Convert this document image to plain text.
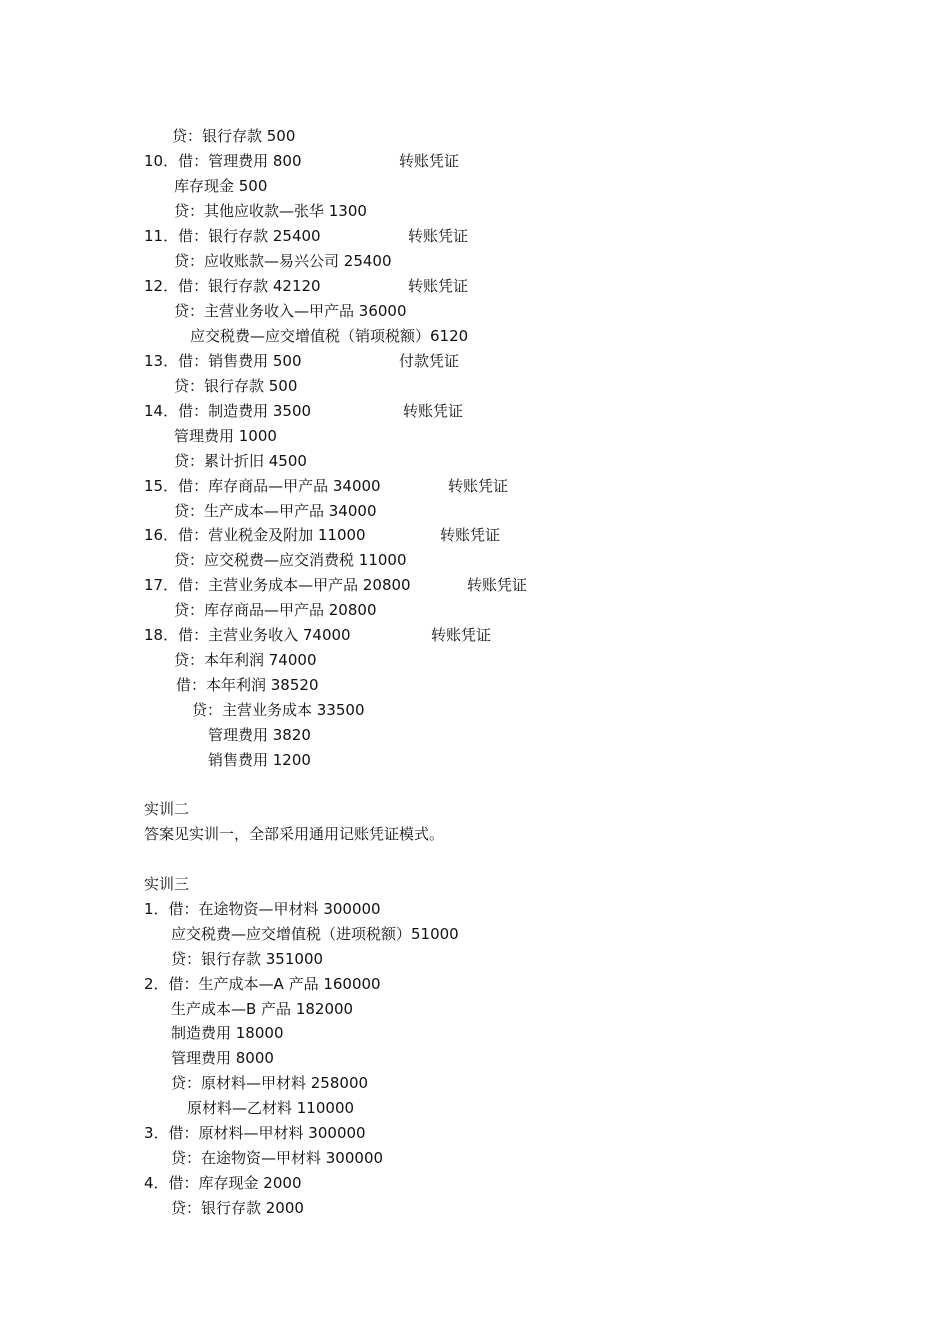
贷：银行存款 500
10．借：管理费用 800	转账凭证
库存现金 500
贷：其他应收款—张华 1300
11．借：银行存款 25400	转账凭证
贷：应收账款—易兴公司 25400
12．借：银行存款 42120	转账凭证
贷：主营业务收入—甲产品 36000
应交税费—应交增值税（销项税额）6120
13．借：销售费用 500	付款凭证
贷：银行存款 500
14．借：制造费用 3500	转账凭证
管理费用 1000
贷：累计折旧 4500
15．借：库存商品—甲产品 34000	转账凭证
贷：生产成本—甲产品 34000
16．借：营业税金及附加 11000	转账凭证
贷：应交税费—应交消费税 11000
17．借：主营业务成本—甲产品 20800	转账凭证
贷：库存商品—甲产品 20800
18．借：主营业务收入 74000	转账凭证
贷：本年利润 74000
借：本年利润 38520
贷：主营业务成本 33500
管理费用 3820
销售费用 1200
实训二
答案见实训一，全部采用通用记账凭证模式。
实训三
1．借：在途物资—甲材料 300000
应交税费—应交增值税（进项税额）51000
贷：银行存款 351000
2．借：生产成本—A 产品 160000
生产成本—B 产品 182000
制造费用 18000
管理费用 8000
贷：原材料—甲材料 258000
原材料—乙材料 110000
3．借：原材料—甲材料 300000
贷：在途物资—甲材料 300000
4．借：库存现金 2000
贷：银行存款 2000
